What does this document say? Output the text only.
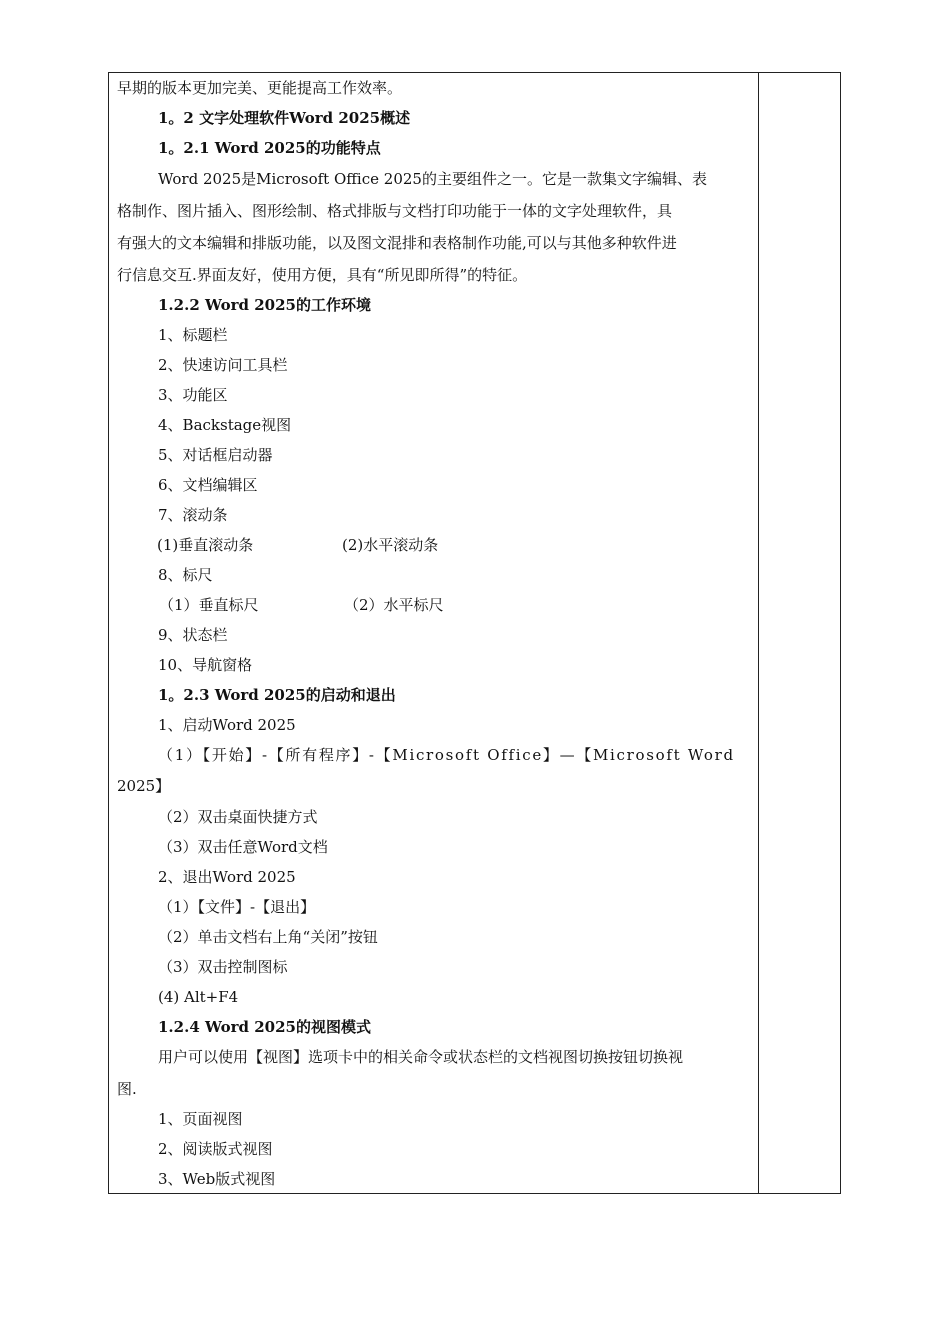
早期的版本更加完美、更能提高工作效率。
1。2 文字处理软件Word 2025概述
1。2.1 Word 2025的功能特点
Word 2025是Microsoft Office 2025的主要组件之一。它是一款集文字编辑、表
格制作、图片插入、图形绘制、格式排版与文档打印功能于一体的文字处理软件，具
有强大的文本编辑和排版功能，以及图文混排和表格制作功能,可以与其他多种软件进
行信息交互.界面友好，使用方便，具有“所见即所得”的特征。
1.2.2 Word 2025的工作环境
1、标题栏
2、快速访问工具栏
3、功能区
4、Backstage视图
5、对话框启动器
6、文档编辑区
7、滚动条
(1)垂直滚动条	(2)水平滚动条
8、标尺
（1）垂直标尺	（2）水平标尺
9、状态栏
10、导航窗格
1。2.3 Word 2025的启动和退出
1、启动Word 2025
（1）【开始】-【所有程序】-【Microsoft Office】—【Microsoft Word
2025】
（2）双击桌面快捷方式
（3）双击任意Word文档
2、退出Word 2025
（1）【文件】-【退出】
（2）单击文档右上角“关闭”按钮
（3）双击控制图标
(4) Alt+F4
1.2.4 Word 2025的视图模式
用户可以使用【视图】选项卡中的相关命令或状态栏的文档视图切换按钮切换视
图.
1、页面视图
2、阅读版式视图
3、Web版式视图
